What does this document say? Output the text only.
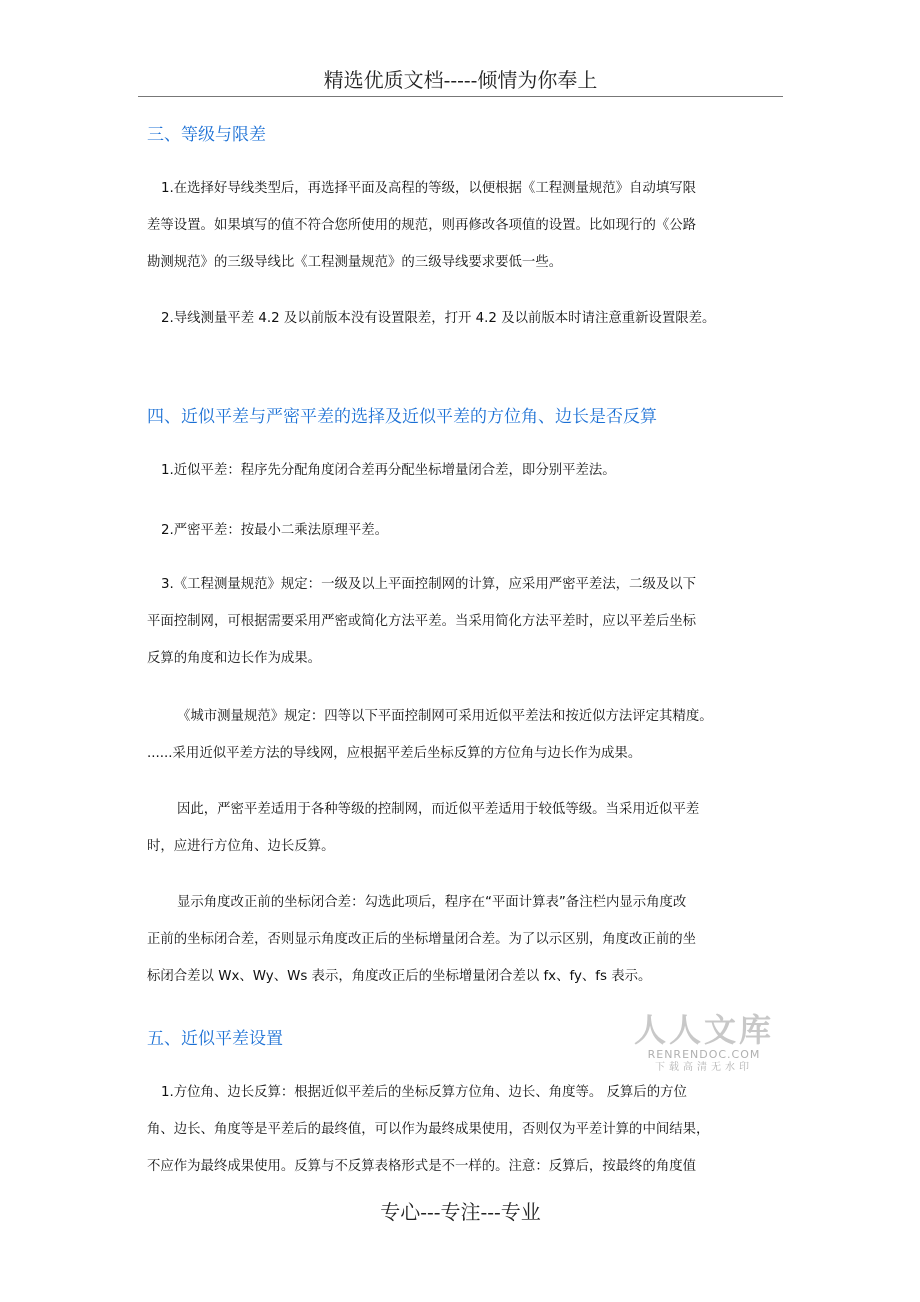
精选优质文档-----倾情为你奉上
三、等级与限差
1.在选择好导线类型后，再选择平面及高程的等级，以便根据《工程测量规范》自动填写限
差等设置。如果填写的值不符合您所使用的规范，则再修改各项值的设置。比如现行的《公路
勘测规范》的三级导线比《工程测量规范》的三级导线要求要低一些。
2.导线测量平差 4.2 及以前版本没有设置限差，打开 4.2 及以前版本时请注意重新设置限差。
四、近似平差与严密平差的选择及近似平差的方位角、边长是否反算
1.近似平差：程序先分配角度闭合差再分配坐标增量闭合差，即分别平差法。
2.严密平差：按最小二乘法原理平差。
3.《工程测量规范》规定：一级及以上平面控制网的计算，应采用严密平差法，二级及以下
平面控制网，可根据需要采用严密或简化方法平差。当采用简化方法平差时，应以平差后坐标
反算的角度和边长作为成果。
《城市测量规范》规定：四等以下平面控制网可采用近似平差法和按近似方法评定其精度。
......采用近似平差方法的导线网，应根据平差后坐标反算的方位角与边长作为成果。
因此，严密平差适用于各种等级的控制网，而近似平差适用于较低等级。当采用近似平差
时，应进行方位角、边长反算。
显示角度改正前的坐标闭合差：勾选此项后，程序在“平面计算表”备注栏内显示角度改
正前的坐标闭合差，否则显示角度改正后的坐标增量闭合差。为了以示区别，角度改正前的坐
标闭合差以 Wx、Wy、Ws 表示，角度改正后的坐标增量闭合差以 fx、fy、fs 表示。
五、近似平差设置
1.方位角、边长反算：根据近似平差后的坐标反算方位角、边长、角度等。 反算后的方位
角、边长、角度等是平差后的最终值，可以作为最终成果使用，否则仅为平差计算的中间结果，
不应作为最终成果使用。反算与不反算表格形式是不一样的。注意：反算后，按最终的角度值
人人文库
RENRENDOC.COM
下载高清无水印
专心---专注---专业
